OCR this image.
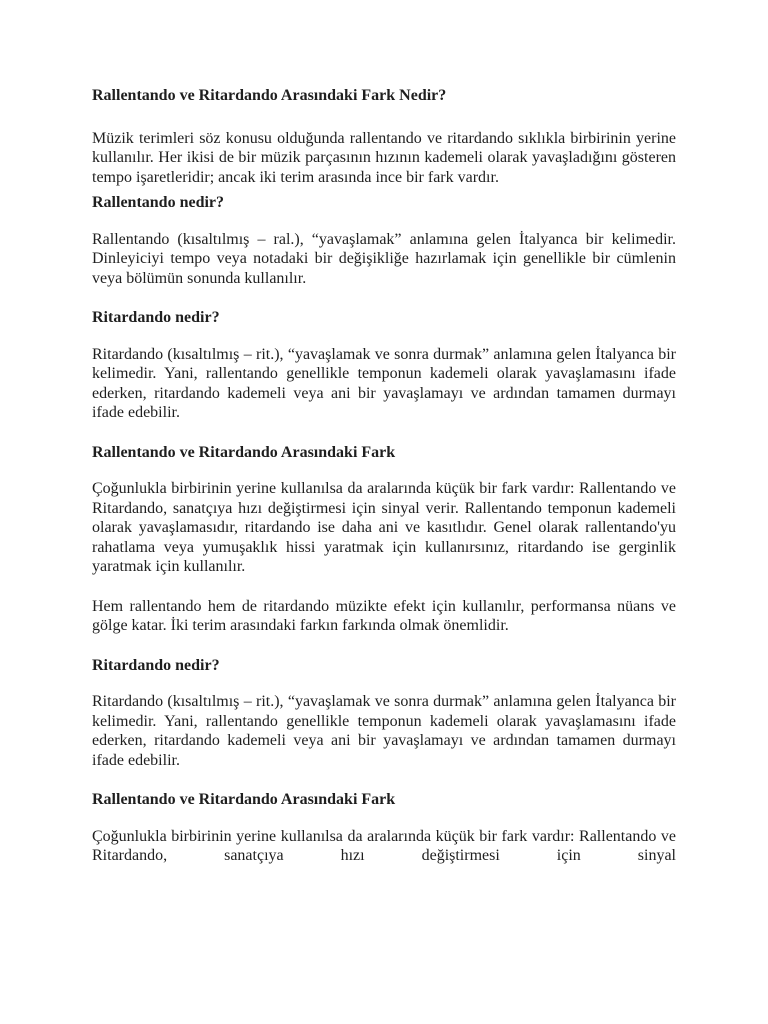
Rallentando ve Ritardando Arasındaki Fark Nedir?
Müzik terimleri söz konusu olduğunda rallentando ve ritardando sıklıkla birbirinin yerine kullanılır. Her ikisi de bir müzik parçasının hızının kademeli olarak yavaşladığını gösteren tempo işaretleridir; ancak iki terim arasında ince bir fark vardır.
Rallentando nedir?
Rallentando (kısaltılmış – ral.), “yavaşlamak” anlamına gelen İtalyanca bir kelimedir. Dinleyiciyi tempo veya notadaki bir değişikliğe hazırlamak için genellikle bir cümlenin veya bölümün sonunda kullanılır.
Ritardando nedir?
Ritardando (kısaltılmış – rit.), “yavaşlamak ve sonra durmak” anlamına gelen İtalyanca bir kelimedir. Yani, rallentando genellikle temponun kademeli olarak yavaşlamasını ifade ederken, ritardando kademeli veya ani bir yavaşlamayı ve ardından tamamen durmayı ifade edebilir.
Rallentando ve Ritardando Arasındaki Fark
Çoğunlukla birbirinin yerine kullanılsa da aralarında küçük bir fark vardır: Rallentando ve Ritardando, sanatçıya hızı değiştirmesi için sinyal verir. Rallentando temponun kademeli olarak yavaşlamasıdır, ritardando ise daha ani ve kasıtlıdır. Genel olarak rallentando'yu rahatlama veya yumuşaklık hissi yaratmak için kullanırsınız, ritardando ise gerginlik yaratmak için kullanılır.
Hem rallentando hem de ritardando müzikte efekt için kullanılır, performansa nüans ve gölge katar. İki terim arasındaki farkın farkında olmak önemlidir.
Ritardando nedir?
Ritardando (kısaltılmış – rit.), “yavaşlamak ve sonra durmak” anlamına gelen İtalyanca bir kelimedir. Yani, rallentando genellikle temponun kademeli olarak yavaşlamasını ifade ederken, ritardando kademeli veya ani bir yavaşlamayı ve ardından tamamen durmayı ifade edebilir.
Rallentando ve Ritardando Arasındaki Fark
Çoğunlukla birbirinin yerine kullanılsa da aralarında küçük bir fark vardır: Rallentando ve Ritardando, sanatçıya hızı değiştirmesi için sinyal
